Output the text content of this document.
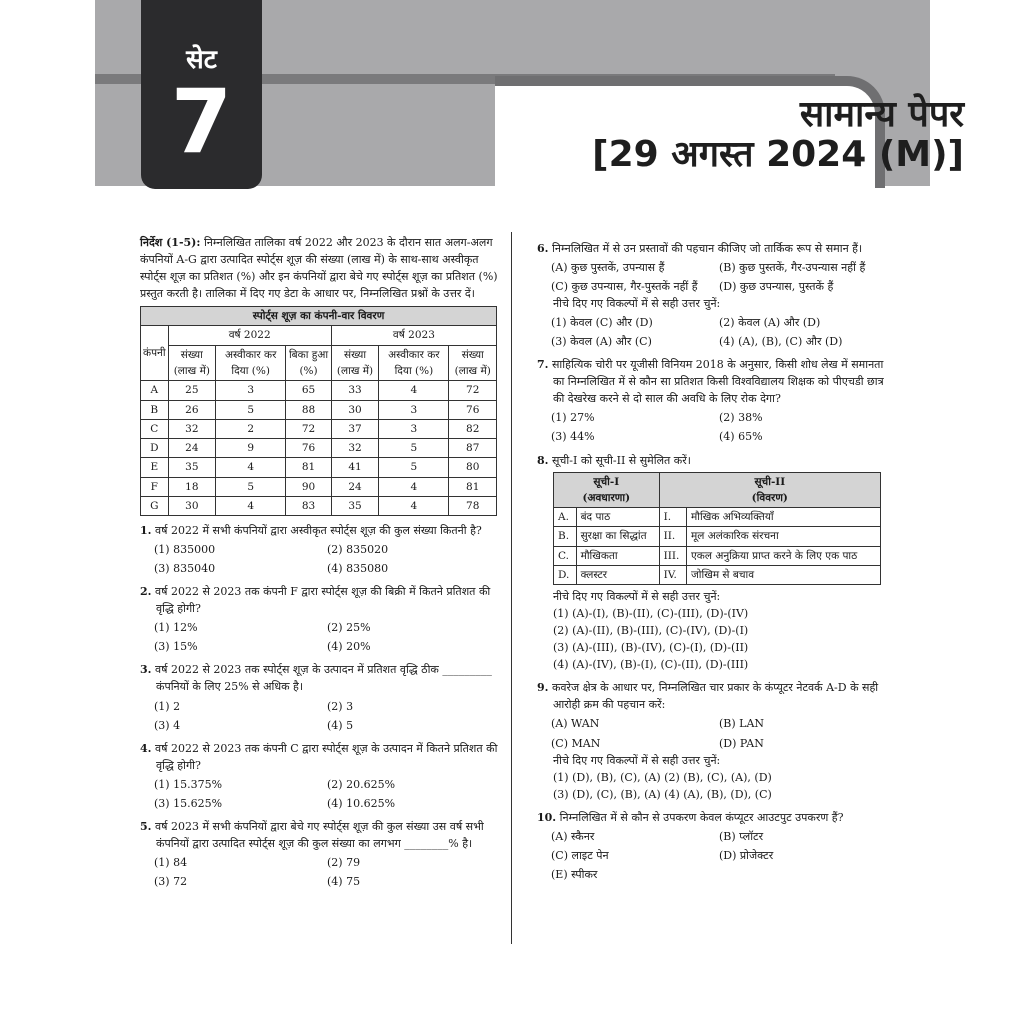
सामान्य पेपर
[29 अगस्त 2024 (M)]
सेट
7

निर्देश (1-5): निम्नलिखित तालिका वर्ष 2022 और 2023 के दौरान सात अलग-अलग कंपनियों A-G द्वारा उत्पादित स्पोर्ट्स शूज़ की संख्या (लाख में) के साथ-साथ अस्वीकृत स्पोर्ट्स शूज़ का प्रतिशत (%) और इन कंपनियों द्वारा बेचे गए स्पोर्ट्स शूज़ का प्रतिशत (%) प्रस्तुत करती है। तालिका में दिए गए डेटा के आधार पर, निम्नलिखित प्रश्नों के उत्तर दें।

स्पोर्ट्स शूज़ का कंपनी-वार विवरण						
कंपनी	वर्ष 2022			वर्ष 2023		
	संख्या (लाख में)	अस्वीकार कर दिया (%)	बिका हुआ (%)	संख्या (लाख में)	अस्वीकार कर दिया (%)	संख्या (लाख में)
A	25	3	65	33	4	72
B	26	5	88	30	3	76
C	32	2	72	37	3	82
D	24	9	76	32	5	87
E	35	4	81	41	5	80
F	18	5	90	24	4	81
G	30	4	83	35	4	78

1. वर्ष 2022 में सभी कंपनियों द्वारा अस्वीकृत स्पोर्ट्स शूज़ की कुल संख्या कितनी है?

(1) 835000	(2) 835020
(3) 835040	(4) 835080

2. वर्ष 2022 से 2023 तक कंपनी F द्वारा स्पोर्ट्स शूज़ की बिक्री में कितने प्रतिशत की वृद्धि होगी?

(1) 12%	(2) 25%
(3) 15%	(4) 20%

3. वर्ष 2022 से 2023 तक स्पोर्ट्स शूज़ के उत्पादन में प्रतिशत वृद्धि ठीक _________ कंपनियों के लिए 25% से अधिक है।

(1) 2	(2) 3
(3) 4	(4) 5

4. वर्ष 2022 से 2023 तक कंपनी C द्वारा स्पोर्ट्स शूज़ के उत्पादन में कितने प्रतिशत की वृद्धि होगी?

(1) 15.375%	(2) 20.625%
(3) 15.625%	(4) 10.625%

5. वर्ष 2023 में सभी कंपनियों द्वारा बेचे गए स्पोर्ट्स शूज़ की कुल संख्या उस वर्ष सभी कंपनियों द्वारा उत्पादित स्पोर्ट्स शूज़ की कुल संख्या का लगभग ________% है।

(1) 84	(2) 79
(3) 72	(4) 75

6. निम्नलिखित में से उन प्रस्तावों की पहचान कीजिए जो तार्किक रूप से समान हैं।

(A) कुछ पुस्तकें, उपन्यास हैं	(B) कुछ पुस्तकें, गैर-उपन्यास नहीं हैं
(C) कुछ उपन्यास, गैर-पुस्तकें नहीं हैं	(D) कुछ उपन्यास, पुस्तकें हैं

नीचे दिए गए विकल्पों में से सही उत्तर चुनें:

(1) केवल (C) और (D)	(2) केवल (A) और (D)
(3) केवल (A) और (C)	(4) (A), (B), (C) और (D)

7. साहित्यिक चोरी पर यूजीसी विनियम 2018 के अनुसार, किसी शोध लेख में समानता का निम्नलिखित में से कौन सा प्रतिशत किसी विश्वविद्यालय शिक्षक को पीएचडी छात्र की देखरेख करने से दो साल की अवधि के लिए रोक देगा?

(1) 27%	(2) 38%
(3) 44%	(4) 65%

8. सूची-I को सूची-II से सुमेलित करें।

सूची-I
(अवधारणा)		सूची-II
(विवरण)	
A.	बंद पाठ	I.	मौखिक अभिव्यक्तियाँ
B.	सुरक्षा का सिद्धांत	II.	मूल अलंकारिक संरचना
C.	मौखिकता	III.	एकल अनुक्रिया प्राप्त करने के लिए एक पाठ
D.	क्लस्टर	IV.	जोखिम से बचाव

नीचे दिए गए विकल्पों में से सही उत्तर चुनें:

(1) (A)-(I), (B)-(II), (C)-(III), (D)-(IV)

(2) (A)-(II), (B)-(III), (C)-(IV), (D)-(I)

(3) (A)-(III), (B)-(IV), (C)-(I), (D)-(II)

(4) (A)-(IV), (B)-(I), (C)-(II), (D)-(III)

9. कवरेज क्षेत्र के आधार पर, निम्नलिखित चार प्रकार के कंप्यूटर नेटवर्क A-D के सही आरोही क्रम की पहचान करें:

(A) WAN	(B) LAN
(C) MAN	(D) PAN

नीचे दिए गए विकल्पों में से सही उत्तर चुनें:

(1) (D), (B), (C), (A) (2) (B), (C), (A), (D)

(3) (D), (C), (B), (A) (4) (A), (B), (D), (C)

10. निम्नलिखित में से कौन से उपकरण केवल कंप्यूटर आउटपुट उपकरण हैं?

(A) स्कैनर	(B) प्लॉटर
(C) लाइट पेन	(D) प्रोजेक्टर
(E) स्पीकर
